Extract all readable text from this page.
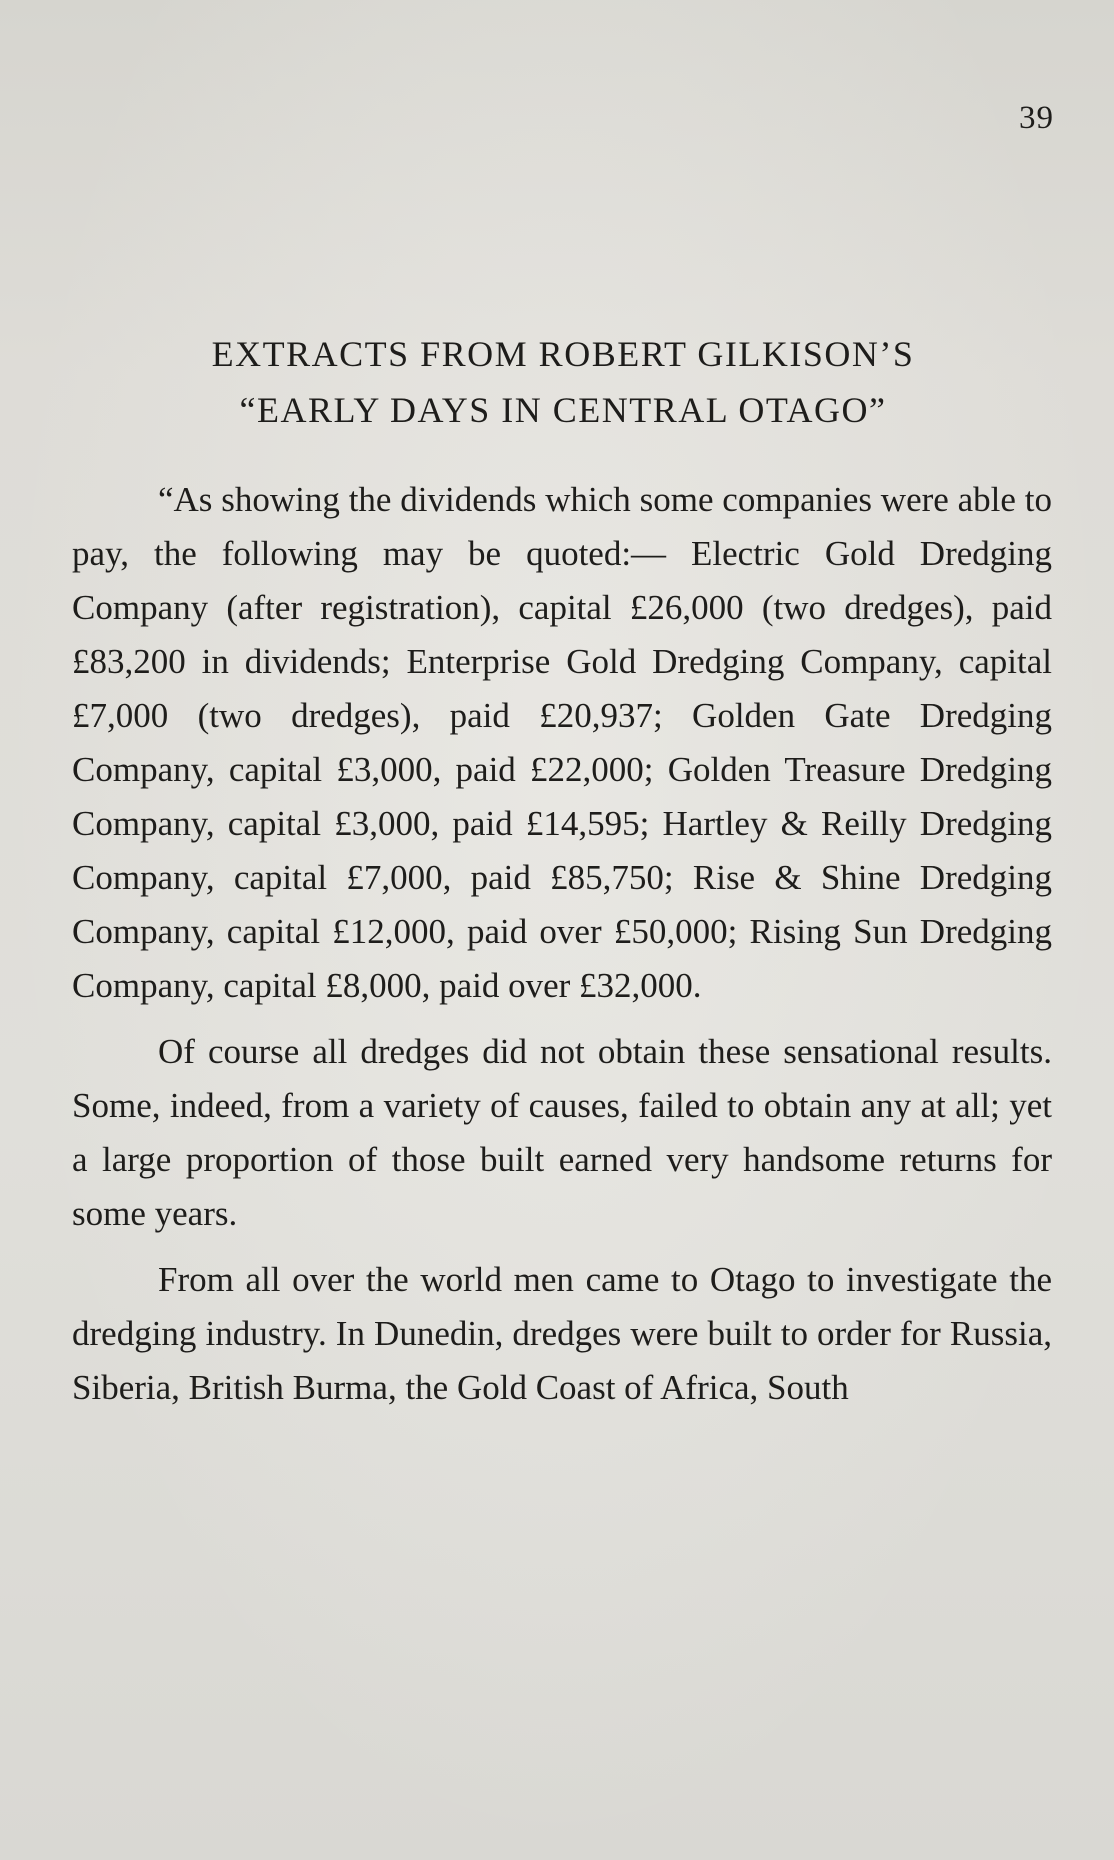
39
EXTRACTS FROM ROBERT GILKISON’S
“EARLY DAYS IN CENTRAL OTAGO”

“As showing the dividends which some companies were able to pay, the following may be quoted:— Electric Gold Dredging Company (after registration), capital £26,000 (two dredges), paid £83,200 in dividends; Enterprise Gold Dredging Company, capital £7,000 (two dredges), paid £20,937; Golden Gate Dredging Company, capital £3,000, paid £22,000; Golden Treasure Dredging Company, capital £3,000, paid £14,595; Hartley & Reilly Dredging Company, capital £7,000, paid £85,750; Rise & Shine Dredging Company, capital £12,000, paid over £50,000; Rising Sun Dredging Company, capital £8,000, paid over £32,000.

Of course all dredges did not obtain these sensational results. Some, indeed, from a variety of causes, failed to obtain any at all; yet a large proportion of those built earned very handsome returns for some years.

From all over the world men came to Otago to investigate the dredging industry. In Dunedin, dredges were built to order for Russia, Siberia, British Burma, the Gold Coast of Africa, South
